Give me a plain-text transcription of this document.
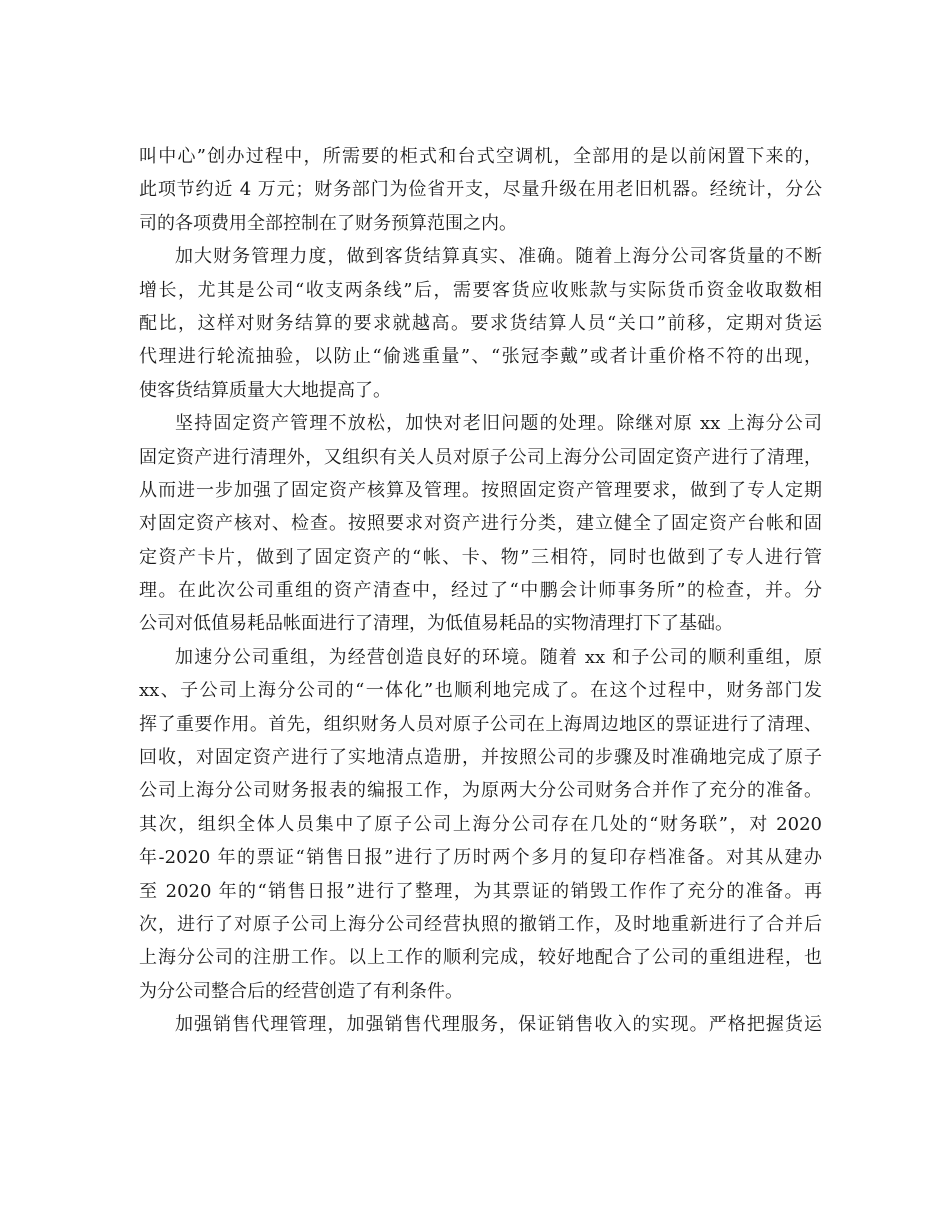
叫中心”创办过程中，所需要的柜式和台式空调机，全部用的是以前闲置下来的，
此项节约近 4 万元；财务部门为俭省开支，尽量升级在用老旧机器。经统计，分公
司的各项费用全部控制在了财务预算范围之内。
加大财务管理力度，做到客货结算真实、准确。随着上海分公司客货量的不断
增长，尤其是公司“收支两条线”后，需要客货应收账款与实际货币资金收取数相
配比，这样对财务结算的要求就越高。要求货结算人员“关口”前移，定期对货运
代理进行轮流抽验，以防止“偷逃重量”、“张冠李戴”或者计重价格不符的出现，
使客货结算质量大大地提高了。
坚持固定资产管理不放松，加快对老旧问题的处理。除继对原 xx 上海分公司
固定资产进行清理外，又组织有关人员对原子公司上海分公司固定资产进行了清理，
从而进一步加强了固定资产核算及管理。按照固定资产管理要求，做到了专人定期
对固定资产核对、检查。按照要求对资产进行分类，建立健全了固定资产台帐和固
定资产卡片，做到了固定资产的“帐、卡、物”三相符，同时也做到了专人进行管
理。在此次公司重组的资产清查中，经过了“中鹏会计师事务所”的检查，并。分
公司对低值易耗品帐面进行了清理，为低值易耗品的实物清理打下了基础。
加速分公司重组，为经营创造良好的环境。随着 xx 和子公司的顺利重组，原
xx、子公司上海分公司的“一体化”也顺利地完成了。在这个过程中，财务部门发
挥了重要作用。首先，组织财务人员对原子公司在上海周边地区的票证进行了清理、
回收，对固定资产进行了实地清点造册，并按照公司的步骤及时准确地完成了原子
公司上海分公司财务报表的编报工作，为原两大分公司财务合并作了充分的准备。
其次，组织全体人员集中了原子公司上海分公司存在几处的“财务联”，对 2020
年-2020 年的票证“销售日报”进行了历时两个多月的复印存档准备。对其从建办
至 2020 年的“销售日报”进行了整理，为其票证的销毁工作作了充分的准备。再
次，进行了对原子公司上海分公司经营执照的撤销工作，及时地重新进行了合并后
上海分公司的注册工作。以上工作的顺利完成，较好地配合了公司的重组进程，也
为分公司整合后的经营创造了有利条件。
加强销售代理管理，加强销售代理服务，保证销售收入的实现。严格把握货运
